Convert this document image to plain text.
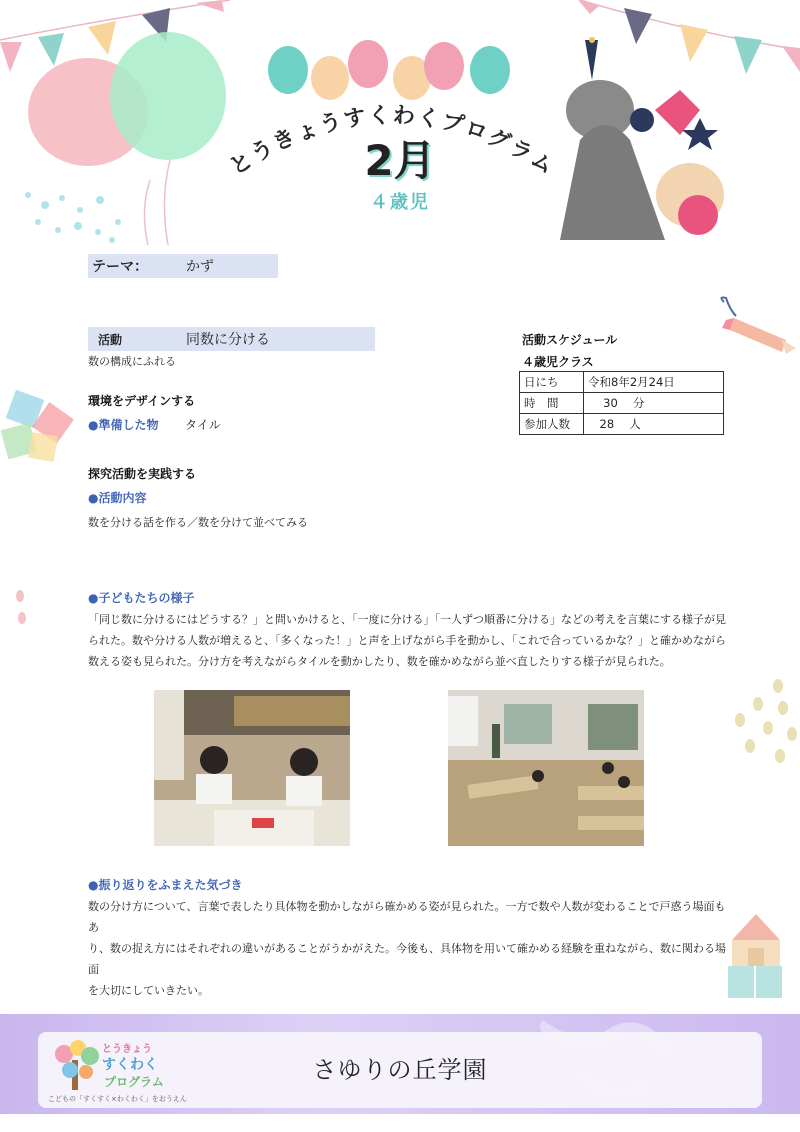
とうきょうすくわくプログラム
2月
４歳児
テーマ：	かず
活動	同数に分ける
数の構成にふれる
環境をデザインする
●準備した物 タイル
探究活動を実践する
●活動内容
数を分ける話を作る／数を分けて並べてみる
活動スケジュール
４歳児クラス
日にち	令和8年2月24日
時　間	　 30　 分
参加人数	　28　 人
●子どもたちの様子
「同じ数に分けるにはどうする？」と問いかけると、「一度に分ける」「一人ずつ順番に分ける」などの考えを言葉にする様子が見
られた。数や分ける人数が増えると、「多くなった！」と声を上げながら手を動かし、「これで合っているかな？」と確かめながら
数える姿も見られた。分け方を考えながらタイルを動かしたり、数を確かめながら並べ直したりする様子が見られた。
●振り返りをふまえた気づき
数の分け方について、言葉で表したり具体物を動かしながら確かめる姿が見られた。一方で数や人数が変わることで戸惑う場面もあ
り、数の捉え方にはそれぞれの違いがあることがうかがえた。今後も、具体物を用いて確かめる経験を重ねながら、数に関わる場面
を大切にしていきたい。
とうきょう
すくわく
プログラム
こどもの「すくすく×わくわく」をおうえん
さゆりの丘学園
